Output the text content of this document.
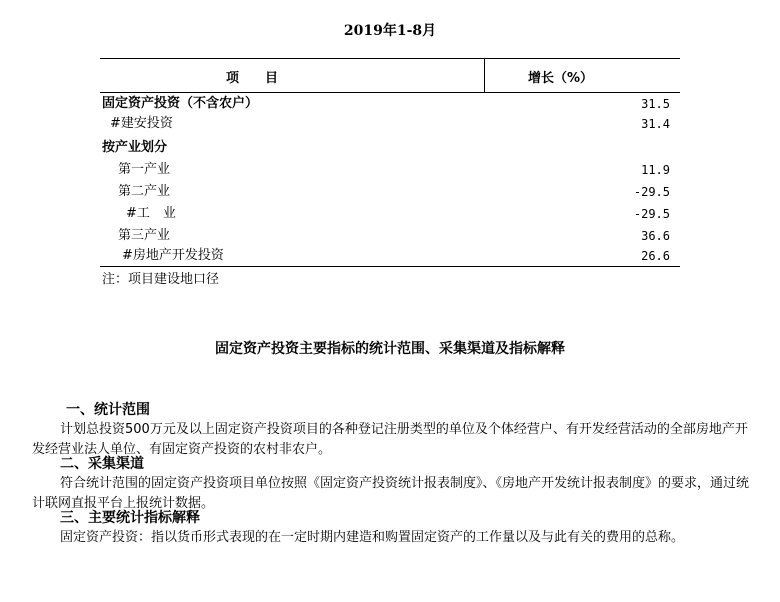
2019年1-8月
项　　目	增长（%）
固定资产投资（不含农户）	31.5
#建安投资	31.4
按产业划分
第一产业	11.9
第二产业	-29.5
#工　业	-29.5
第三产业	36.6
#房地产开发投资	26.6
注：项目建设地口径
固定资产投资主要指标的统计范围、采集渠道及指标解释
一、统计范围
计划总投资500万元及以上固定资产投资项目的各种登记注册类型的单位及个体经营户、有开发经营活动的全部房地产开发经营业法人单位、有固定资产投资的农村非农户。
二、采集渠道
符合统计范围的固定资产投资项目单位按照《固定资产投资统计报表制度》、《房地产开发统计报表制度》的要求，通过统计联网直报平台上报统计数据。
三、主要统计指标解释
固定资产投资：指以货币形式表现的在一定时期内建造和购置固定资产的工作量以及与此有关的费用的总称。
